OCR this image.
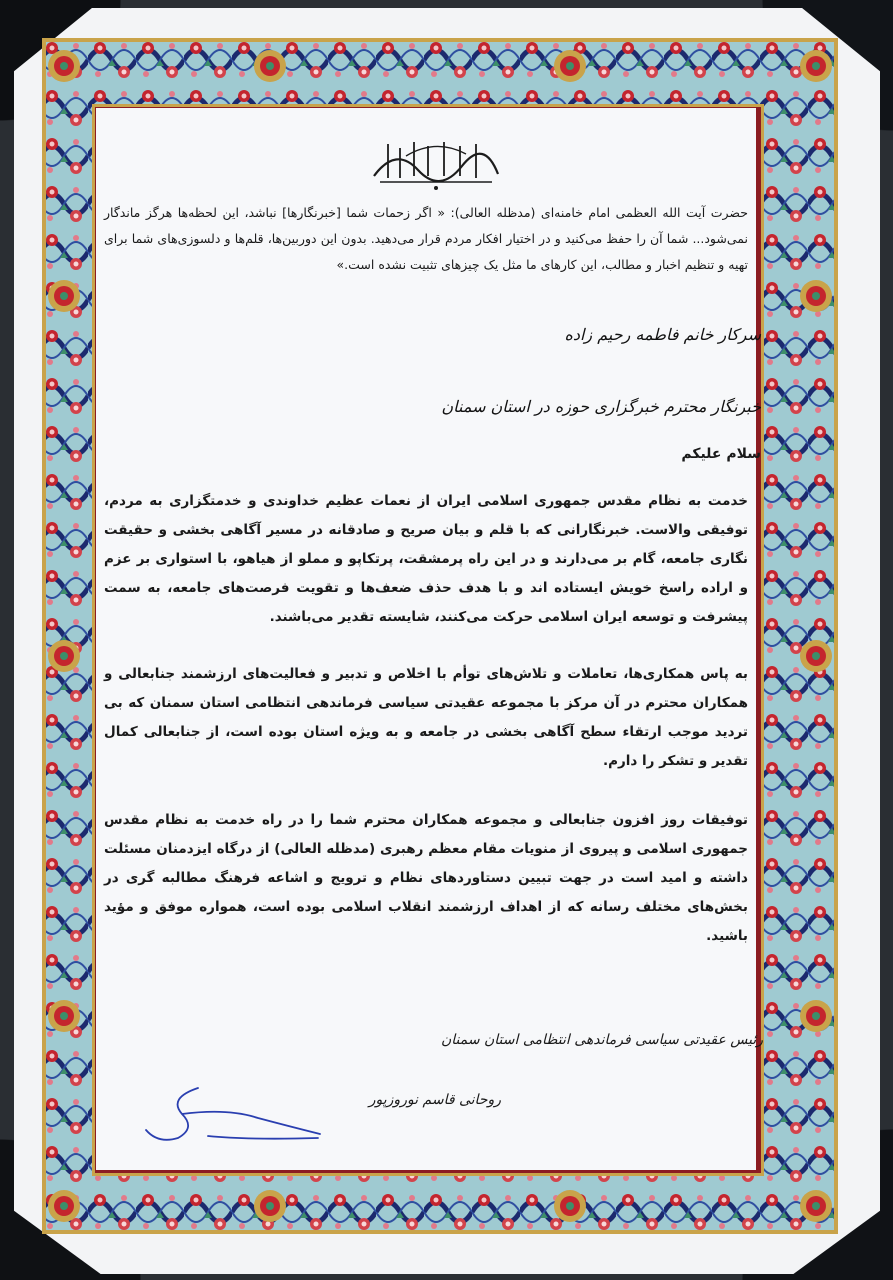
حضرت آیت الله العظمی امام خامنه‌ای (مدظله العالی): « اگر زحمات شما [خبرنگارها] نباشد، این لحظه‌ها هرگز ماندگار نمی‌شود... شما آن را حفظ می‌کنید و در اختیار افکار مردم قرار می‌دهید. بدون این دوربین‌ها، قلم‌ها و دلسوزی‌های شما برای تهیه و تنظیم اخبار و مطالب، این کارهای ما مثل یک چیزهای تثبیت نشده است.»
سرکار خانم فاطمه رحیم زاده
خبرنگار محترم خبرگزاری حوزه در استان سمنان
سلام علیکم
خدمت به نظام مقدس جمهوری اسلامی ایران از نعمات عظیم خداوندی و خدمتگزاری به مردم، توفیقی والاست. خبرنگارانی که با قلم و بیان صریح و صادقانه در مسیر آگاهی بخشی و حقیقت نگاری جامعه، گام بر می‌دارند و در این راه پرمشقت، پرتکاپو و مملو از هیاهو، با استواری بر عزم و اراده راسخ خویش ایستاده اند و با هدف حذف ضعف‌ها و تقویت فرصت‌های جامعه، به سمت پیشرفت و توسعه ایران اسلامی حرکت می‌کنند، شایسته تقدیر می‌باشند.
به پاس همکاری‌ها، تعاملات و تلاش‌های توأم با اخلاص و تدبیر و فعالیت‌های ارزشمند جنابعالی و همکاران محترم در آن مرکز با مجموعه عقیدتی سیاسی فرماندهی انتظامی استان سمنان که بی تردید موجب ارتقاء سطح آگاهی بخشی در جامعه و به ویژه استان بوده است، از جنابعالی کمال تقدیر و تشکر را دارم.
توفیقات روز افزون جنابعالی و مجموعه همکاران محترم شما را در راه خدمت به نظام مقدس جمهوری اسلامی و پیروی از منویات مقام معظم رهبری (مدظله العالی) از درگاه ایزدمنان مسئلت داشته و امید است در جهت تبیین دستاوردهای نظام و ترویج و اشاعه فرهنگ مطالبه گری در بخش‌های مختلف رسانه که از اهداف ارزشمند انقلاب اسلامی بوده است، همواره موفق و مؤید باشید.
رئیس عقیدتی سیاسی فرماندهی انتظامی استان سمنان
روحانی قاسم نوروزپور
